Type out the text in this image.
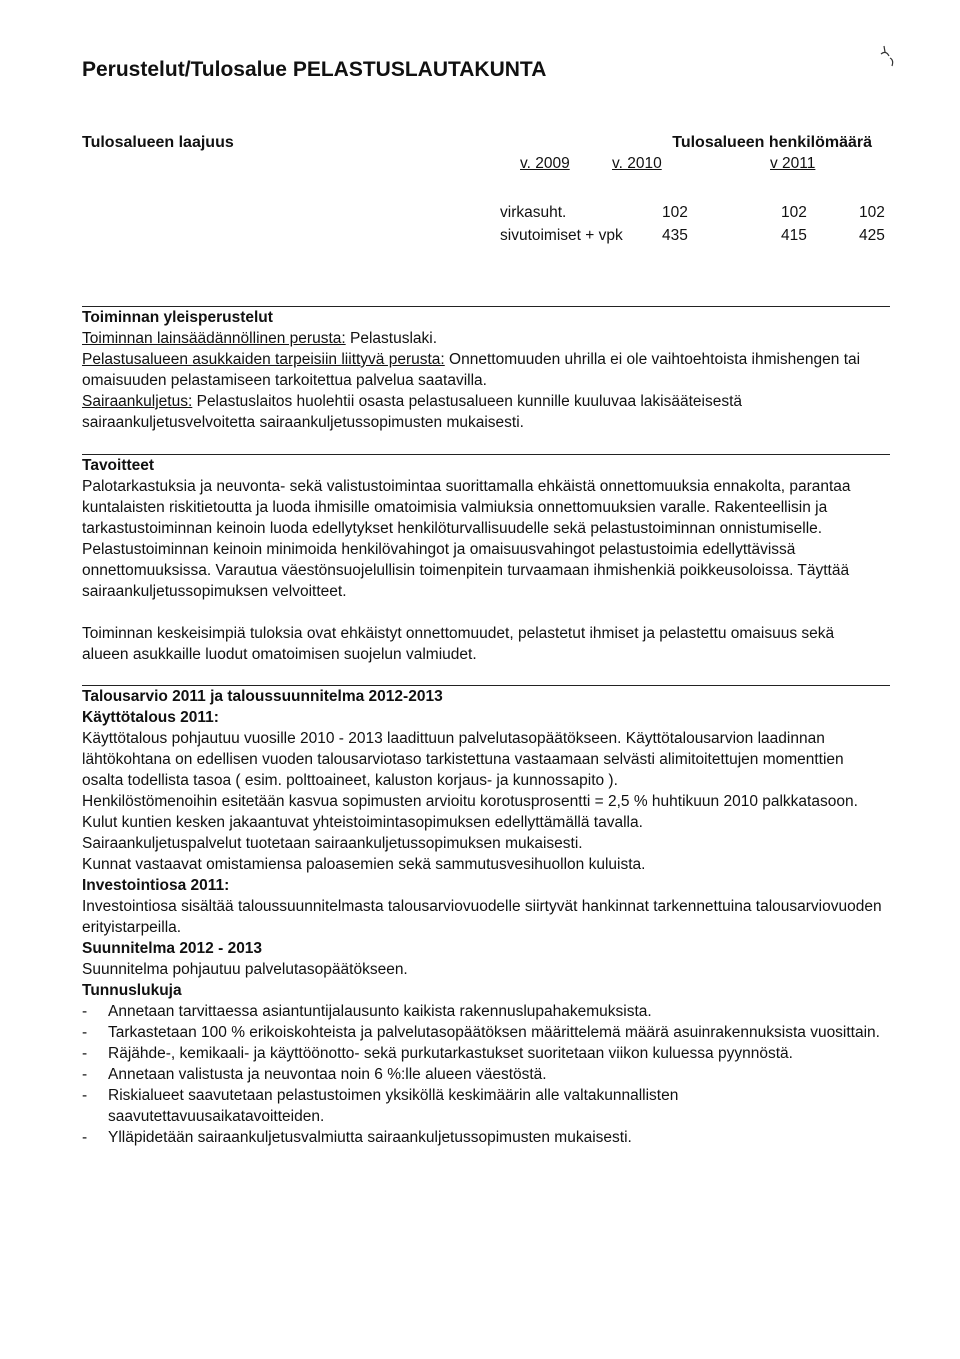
Perustelut/Tulosalue PELASTUSLAUTAKUNTA
Tulosalueen laajuus	Tulosalueen henkilömäärä
v. 2009	v. 2010	v 2011
virkasuht.	102	102	102
sivutoimiset + vpk	435	415	425

Toiminnan yleisperustelut

Toiminnan lainsäädännöllinen perusta: Pelastuslaki.

Pelastusalueen asukkaiden tarpeisiin liittyvä perusta: Onnettomuuden uhrilla ei ole vaihtoehtoista ihmishengen tai omaisuuden pelastamiseen tarkoitettua palvelua saatavilla.

Sairaankuljetus: Pelastuslaitos huolehtii osasta pelastusalueen kunnille kuuluvaa lakisääteisestä sairaankuljetusvelvoitetta sairaankuljetussopimusten mukaisesti.

Tavoitteet

Palotarkastuksia ja neuvonta- sekä valistustoimintaa suorittamalla ehkäistä onnettomuuksia ennakolta, parantaa kuntalaisten riskitietoutta ja luoda ihmisille omatoimisia valmiuksia onnettomuuksien varalle. Rakenteellisin ja tarkastustoiminnan keinoin luoda edellytykset henkilöturvallisuudelle sekä pelastustoiminnan onnistumiselle. Pelastustoiminnan keinoin minimoida henkilövahingot ja omaisuusvahingot pelastustoimia edellyttävissä onnettomuuksissa. Varautua väestönsuojelullisin toimenpitein turvaamaan ihmishenkiä poikkeusoloissa. Täyttää sairaankuljetussopimuksen velvoitteet.

Toiminnan keskeisimpiä tuloksia ovat ehkäistyt onnettomuudet, pelastetut ihmiset ja pelastettu omaisuus sekä alueen asukkaille luodut omatoimisen suojelun valmiudet.

Talousarvio 2011 ja taloussuunnitelma 2012-2013

Käyttötalous 2011:

Käyttötalous pohjautuu vuosille 2010 - 2013 laadittuun palvelutasopäätökseen. Käyttötalousarvion laadinnan lähtökohtana on edellisen vuoden talousarviotaso tarkistettuna vastaamaan selvästi alimitoitettujen momenttien osalta todellista tasoa ( esim. polttoaineet, kaluston korjaus- ja kunnossapito ).

Henkilöstömenoihin esitetään kasvua sopimusten arvioitu korotusprosentti = 2,5 % huhtikuun 2010 palkkatasoon. Kulut kuntien kesken jakaantuvat yhteistoimintasopimuksen edellyttämällä tavalla.

Sairaankuljetuspalvelut tuotetaan sairaankuljetussopimuksen mukaisesti.

Kunnat vastaavat omistamiensa paloasemien sekä sammutusvesihuollon kuluista.

Investointiosa 2011:

Investointiosa sisältää taloussuunnitelmasta talousarviovuodelle siirtyvät hankinnat tarkennettuina talousarviovuoden erityistarpeilla.

Suunnitelma 2012 - 2013

Suunnitelma pohjautuu palvelutasopäätökseen.

Tunnuslukuja

- Annetaan tarvittaessa asiantuntijalausunto kaikista rakennuslupahakemuksista.
- Tarkastetaan 100 % erikoiskohteista ja palvelutasopäätöksen määrittelemä määrä asuinrakennuksista vuosittain.
- Räjähde-, kemikaali- ja käyttöönotto- sekä purkutarkastukset suoritetaan viikon kuluessa pyynnöstä.
- Annetaan valistusta ja neuvontaa noin 6 %:lle alueen väestöstä.
- Riskialueet saavutetaan pelastustoimen yksiköllä keskimäärin alle valtakunnallisten saavutettavuusaikatavoitteiden.
- Ylläpidetään sairaankuljetusvalmiutta sairaankuljetussopimusten mukaisesti.
